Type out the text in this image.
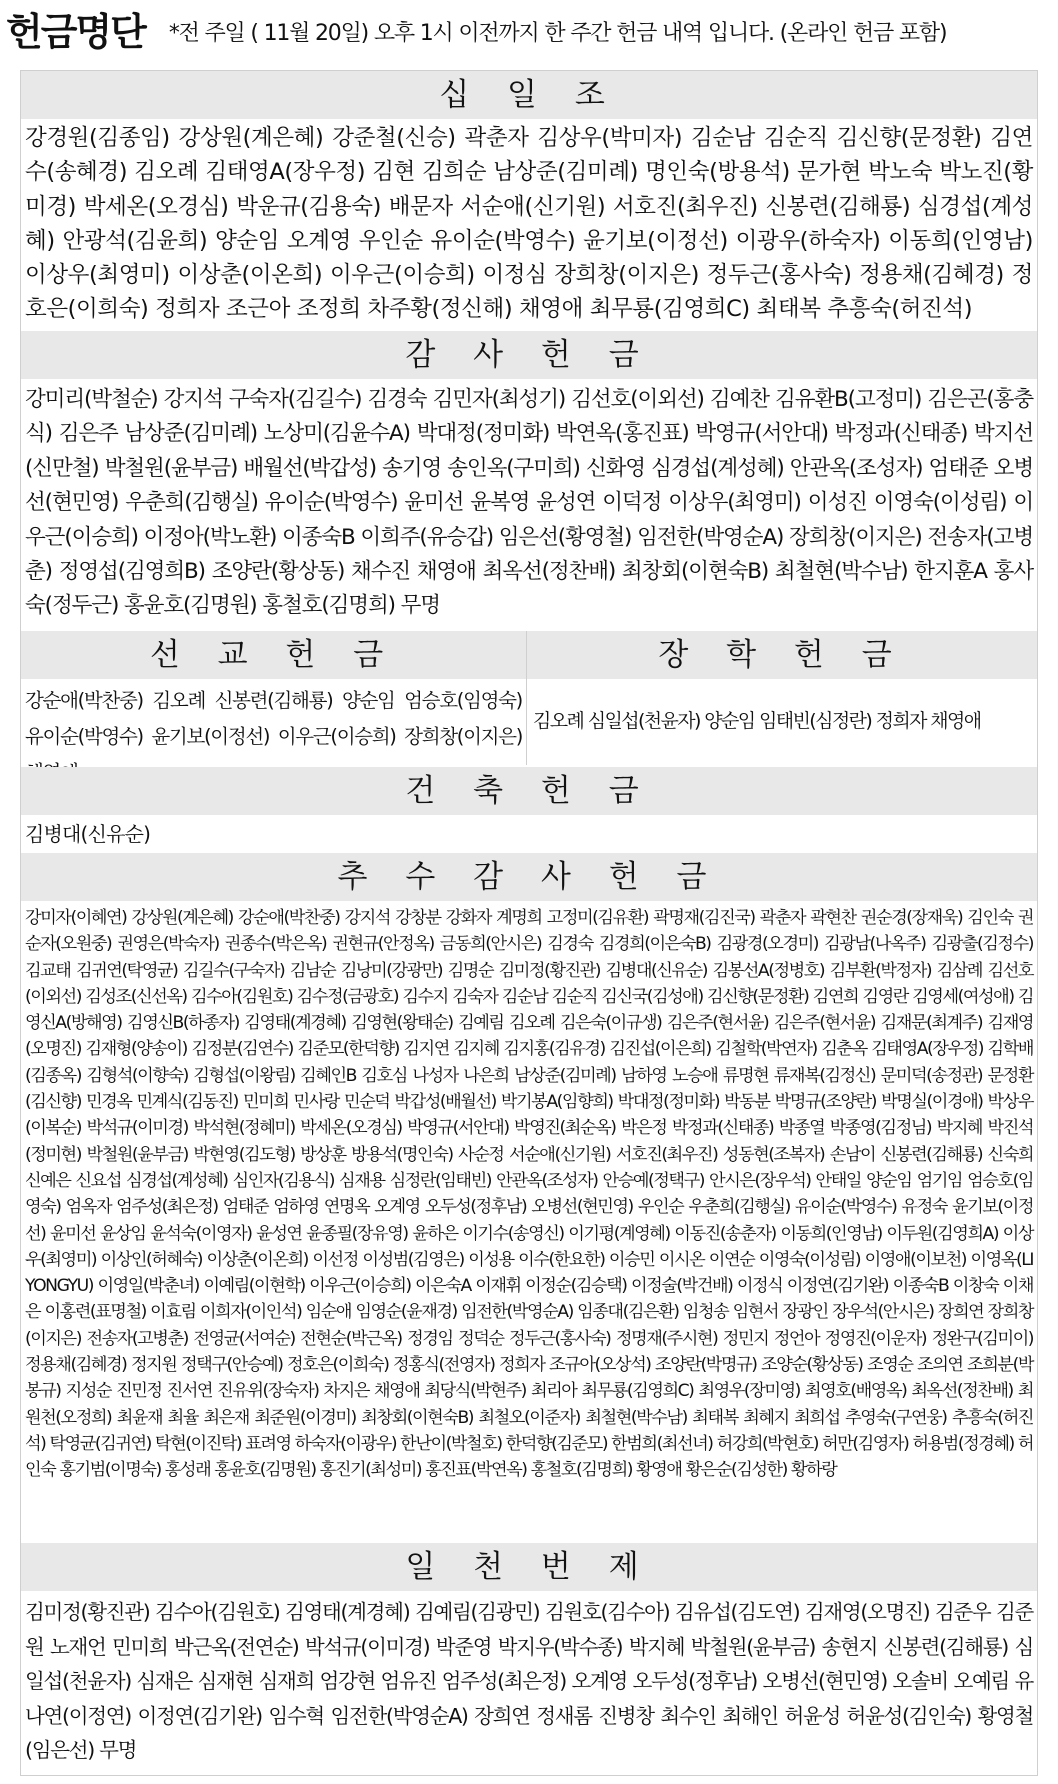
헌금명단 *전 주일 ( 11월 20일) 오후 1시 이전까지 한 주간 헌금 내역 입니다. (온라인 헌금 포함)
십 일 조

강경원(김종임) 강상원(계은혜) 강준철(신승) 곽춘자 김상우(박미자) 김순남 김순직 김신향(문정환) 김연수(송혜경) 김오례 김태영A(장우정) 김현 김희순 남상준(김미례) 명인숙(방용석) 문가현 박노숙 박노진(황미경) 박세온(오경심) 박운규(김용숙) 배문자 서순애(신기원) 서호진(최우진) 신봉련(김해룡) 심경섭(계성혜) 안광석(김윤희) 양순임 오계영 우인순 유이순(박영수) 윤기보(이정선) 이광우(하숙자) 이동희(인영남) 이상우(최영미) 이상춘(이온희) 이우근(이승희) 이정심 장희창(이지은) 정두근(홍사숙) 정용채(김혜경) 정호은(이희숙) 정희자 조근아 조정희 차주황(정신해) 채영애 최무룡(김영희C) 최태복 추흥숙(허진석)

감 사 헌 금

강미리(박철순) 강지석 구숙자(김길수) 김경숙 김민자(최성기) 김선호(이외선) 김예찬 김유환B(고정미) 김은곤(홍충식) 김은주 남상준(김미례) 노상미(김윤수A) 박대정(정미화) 박연옥(홍진표) 박영규(서안대) 박정과(신태종) 박지선(신만철) 박철원(윤부금) 배월선(박갑성) 송기영 송인옥(구미희) 신화영 심경섭(계성혜) 안관옥(조성자) 엄태준 오병선(현민영) 우춘희(김행실) 유이순(박영수) 윤미선 윤복영 윤성연 이덕정 이상우(최영미) 이성진 이영숙(이성림) 이우근(이승희) 이정아(박노환) 이종숙B 이희주(유승갑) 임은선(황영철) 임전한(박영순A) 장희창(이지은) 전송자(고병춘) 정영섭(김영희B) 조양란(황상동) 채수진 채영애 최옥선(정찬배) 최창회(이현숙B) 최철현(박수남) 한지훈A 홍사숙(정두근) 홍윤호(김명원) 홍철호(김명희) 무명

선 교 헌 금	장 학 헌 금

강순애(박찬중) 김오례 신봉련(김해룡) 양순임 엄승호(임영숙) 유이순(박영수) 윤기보(이정선) 이우근(이승희) 장희창(이지은)

김오례 심일섭(천윤자) 양순임 임태빈(심정란) 정희자 채영애

건 축 헌 금

김병대(신유순)

추 수 감 사 헌 금

강미자(이혜연) 강상원(계은혜) 강순애(박찬중) 강지석 강창분 강화자 계명희 고정미(김유환) 곽명재(김진국) 곽춘자 곽현찬 권순경(장재욱) 김인숙 권순자(오원중) 권영은(박숙자) 권종수(박은옥) 권현규(안정옥) 금동희(안시은) 김경숙 김경희(이은숙B) 김광경(오경미) 김광남(나옥주) 김광출(김정수) 김교태 김귀연(탁영균) 김길수(구숙자) 김남순 김낭미(강광만) 김명순 김미정(황진관) 김병대(신유순) 김봉선A(정병호) 김부환(박정자) 김삼례 김선호(이외선) 김성조(신선옥) 김수아(김원호) 김수정(금광호) 김수지 김숙자 김순남 김순직 김신국(김성애) 김신향(문정환) 김연희 김영란 김영세(여성애) 김영신A(방해영) 김영신B(하종자) 김영태(계경혜) 김영현(왕태순) 김예림 김오례 김은숙(이규생) 김은주(현서윤) 김은주(현서윤) 김재문(최계주) 김재영(오명진) 김재형(양송이) 김정분(김연수) 김준모(한덕향) 김지연 김지혜 김지홍(김유경) 김진섭(이은희) 김철학(박연자) 김춘옥 김태영A(장우정) 김학배(김종옥) 김형석(이향숙) 김형섭(이왕림) 김혜인B 김호심 나성자 나은희 남상준(김미례) 남하영 노승애 류명현 류재복(김정신) 문미덕(송정관) 문정환(김신향) 민경옥 민계식(김동진) 민미희 민사랑 민순덕 박갑성(배월선) 박기봉A(임향희) 박대정(정미화) 박동분 박명규(조양란) 박명실(이경애) 박상우(이복순) 박석규(이미경) 박석현(정혜미) 박세온(오경심) 박영규(서안대) 박영진(최순옥) 박은정 박정과(신태종) 박종열 박종영(김정님) 박지혜 박진석(정미현) 박철원(윤부금) 박현영(김도형) 방상훈 방용석(명인숙) 사순정 서순애(신기원) 서호진(최우진) 성동현(조복자) 손남이 신봉련(김해룡) 신숙희 신예은 신요섭 심경섭(계성혜) 심인자(김용식) 심재용 심정란(임태빈) 안관옥(조성자) 안승예(정택구) 안시은(장우석) 안태일 양순임 엄기임 엄승호(임영숙) 엄옥자 엄주성(최은정) 엄태준 엄하영 연명옥 오계영 오두성(정후남) 오병선(현민영) 우인순 우춘희(김행실) 유이순(박영수) 유정숙 윤기보(이정선) 윤미선 윤상임 윤석숙(이영자) 윤성연 윤종필(장유영) 윤하은 이기수(송영신) 이기평(계영혜) 이동진(송춘자) 이동희(인영남) 이두원(김영희A) 이상우(최영미) 이상인(허혜숙) 이상춘(이온희) 이선정 이성범(김영은) 이성용 이수(한요한) 이승민 이시온 이연순 이영숙(이성림) 이영애(이보천) 이영옥(LIYONGYU) 이영일(박춘녀) 이예림(이현학) 이우근(이승희) 이은숙A 이재휘 이정순(김승택) 이정술(박건배) 이정식 이정연(김기완) 이종숙B 이창숙 이채은 이홍련(표명철) 이효림 이희자(이인석) 임순애 임영순(윤재경) 임전한(박영순A) 임종대(김은환) 임청송 임현서 장광인 장우석(안시은) 장희연 장희창(이지은) 전송자(고병춘) 전영균(서여순) 전현순(박근옥) 정경임 정덕순 정두근(홍사숙) 정명재(주시현) 정민지 정언아 정영진(이운자) 정완구(김미이) 정용채(김혜경) 정지원 정택구(안승예) 정호은(이희숙) 정홍식(전영자) 정희자 조규아(오상석) 조양란(박명규) 조양순(황상동) 조영순 조의연 조희분(박봉규) 지성순 진민정 진서연 진유위(장숙자) 차지은 채영애 최당식(박현주) 최리아 최무룡(김영희C) 최영우(장미영) 최영호(배영옥) 최옥선(정찬배) 최원천(오정희) 최윤재 최율 최은재 최준원(이경미) 최창회(이현숙B) 최철오(이준자) 최철현(박수남) 최태복 최혜지 최희섭 추영숙(구연웅) 추흥숙(허진석) 탁영균(김귀연) 탁현(이진탁) 표려영 하숙자(이광우) 한난이(박철호) 한덕향(김준모) 한범희(최선녀) 허강희(박현호) 허만(김영자) 허용범(정경혜) 허인숙 홍기범(이명숙) 홍성래 홍윤호(김명원) 홍진기(최성미) 홍진표(박연옥) 홍철호(김명희) 황영애 황은순(김성한) 황하랑

일 천 번 제

김미정(황진관) 김수아(김원호) 김영태(계경혜) 김예림(김광민) 김원호(김수아) 김유섭(김도연) 김재영(오명진) 김준우 김준원 노재언 민미희 박근옥(전연순) 박석규(이미경) 박준영 박지우(박수종) 박지혜 박철원(윤부금) 송현지 신봉련(김해룡) 심일섭(천윤자) 심재은 심재현 심재희 엄강현 엄유진 엄주성(최은정) 오계영 오두성(정후남) 오병선(현민영) 오솔비 오예림 유나연(이정연) 이정연(김기완) 임수혁 임전한(박영순A) 장희연 정새롬 진병창 최수인 최해인 허윤성 허윤성(김인숙) 황영철(임은선) 무명
